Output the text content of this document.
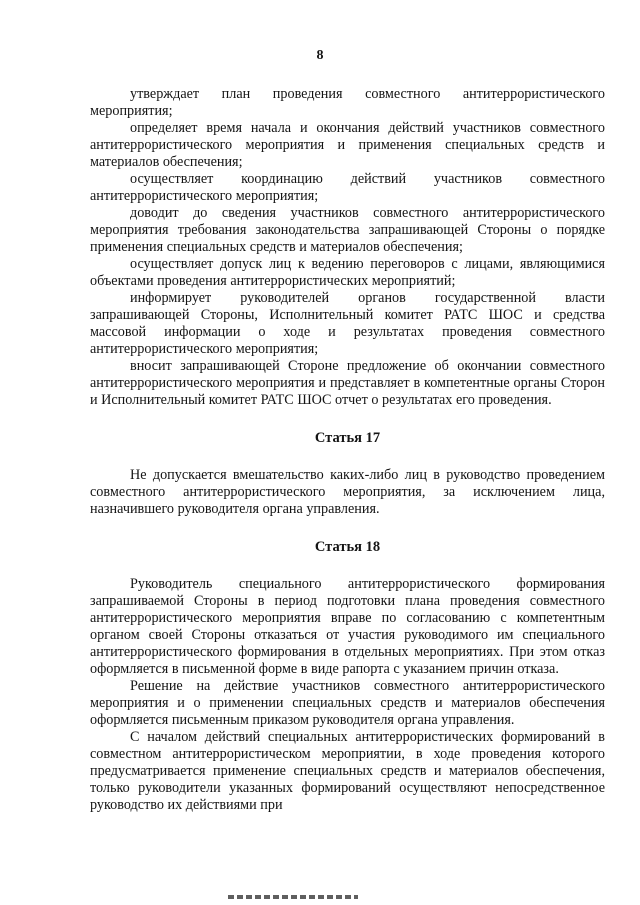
8

утверждает план проведения совместного антитеррористического мероприятия;

определяет время начала и окончания действий участников совместного антитеррористического мероприятия и применения специальных средств и материалов обеспечения;

осуществляет координацию действий участников совместного антитеррористического мероприятия;

доводит до сведения участников совместного антитеррористического мероприятия требования законодательства запрашивающей Стороны о порядке применения специальных средств и материалов обеспечения;

осуществляет допуск лиц к ведению переговоров с лицами, являющимися объектами проведения антитеррористических мероприятий;

информирует руководителей органов государственной власти запрашивающей Стороны, Исполнительный комитет РАТС ШОС и средства массовой информации о ходе и результатах проведения совместного антитеррористического мероприятия;

вносит запрашивающей Стороне предложение об окончании совместного антитеррористического мероприятия и представляет в компетентные органы Сторон и Исполнительный комитет РАТС ШОС отчет о результатах его проведения.

Статья 17

Не допускается вмешательство каких-либо лиц в руководство проведением совместного антитеррористического мероприятия, за исключением лица, назначившего руководителя органа управления.

Статья 18

Руководитель специального антитеррористического формирования запрашиваемой Стороны в период подготовки плана проведения совместного антитеррористического мероприятия вправе по согласованию с компетентным органом своей Стороны отказаться от участия руководимого им специального антитеррористического формирования в отдельных мероприятиях. При этом отказ оформляется в письменной форме в виде рапорта с указанием причин отказа.

Решение на действие участников совместного антитеррористического мероприятия и о применении специальных средств и материалов обеспечения оформляется письменным приказом руководителя органа управления.

С началом действий специальных антитеррористических формирований в совместном антитеррористическом мероприятии, в ходе проведения которого предусматривается применение специальных средств и материалов обеспечения, только руководители указанных формирований осуществляют непосредственное руководство их действиями при
